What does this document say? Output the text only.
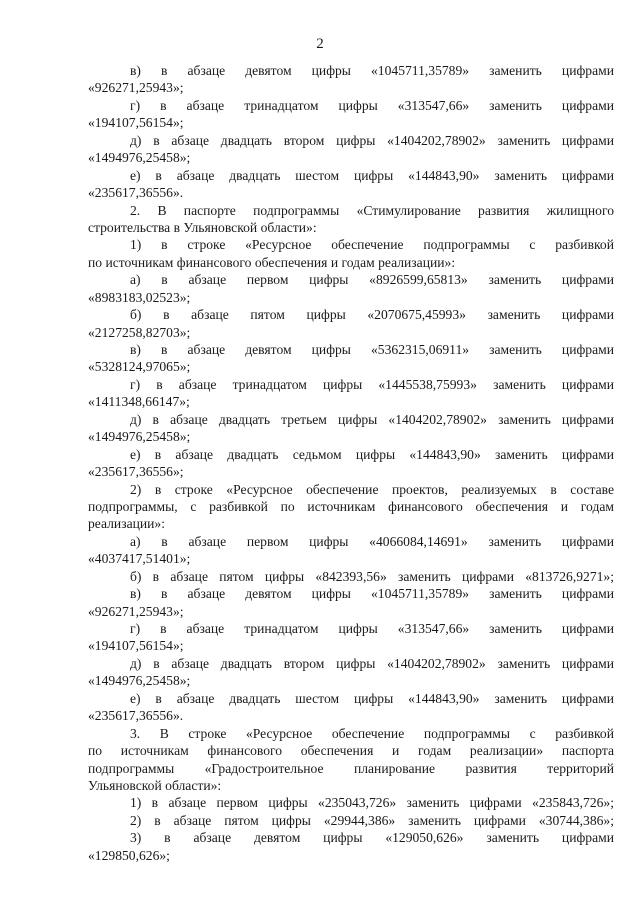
2
в) в абзаце девятом цифры «1045711,35789» заменить цифрами
«926271,25943»;
г) в абзаце тринадцатом цифры «313547,66» заменить цифрами
«194107,56154»;
д) в абзаце двадцать втором цифры «1404202,78902» заменить цифрами
«1494976,25458»;
е) в абзаце двадцать шестом цифры «144843,90» заменить цифрами
«235617,36556».
2. В паспорте подпрограммы «Стимулирование развития жилищного
строительства в Ульяновской области»:
1) в строке «Ресурсное обеспечение подпрограммы с разбивкой
по источникам финансового обеспечения и годам реализации»:
а) в абзаце первом цифры «8926599,65813» заменить цифрами
«8983183,02523»;
б) в абзаце пятом цифры «2070675,45993» заменить цифрами
«2127258,82703»;
в) в абзаце девятом цифры «5362315,06911» заменить цифрами
«5328124,97065»;
г) в абзаце тринадцатом цифры «1445538,75993» заменить цифрами
«1411348,66147»;
д) в абзаце двадцать третьем цифры «1404202,78902» заменить цифрами
«1494976,25458»;
е) в абзаце двадцать седьмом цифры «144843,90» заменить цифрами
«235617,36556»;
2) в строке «Ресурсное обеспечение проектов, реализуемых в составе
подпрограммы, с разбивкой по источникам финансового обеспечения и годам
реализации»:
а) в абзаце первом цифры «4066084,14691» заменить цифрами
«4037417,51401»;
б) в абзаце пятом цифры «842393,56» заменить цифрами «813726,9271»;
в) в абзаце девятом цифры «1045711,35789» заменить цифрами
«926271,25943»;
г) в абзаце тринадцатом цифры «313547,66» заменить цифрами
«194107,56154»;
д) в абзаце двадцать втором цифры «1404202,78902» заменить цифрами
«1494976,25458»;
е) в абзаце двадцать шестом цифры «144843,90» заменить цифрами
«235617,36556».
3. В строке «Ресурсное обеспечение подпрограммы с разбивкой
по источникам финансового обеспечения и годам реализации» паспорта
подпрограммы «Градостроительное планирование развития территорий
Ульяновской области»:
1) в абзаце первом цифры «235043,726» заменить цифрами «235843,726»;
2) в абзаце пятом цифры «29944,386» заменить цифрами «30744,386»;
3) в абзаце девятом цифры «129050,626» заменить цифрами
«129850,626»;
